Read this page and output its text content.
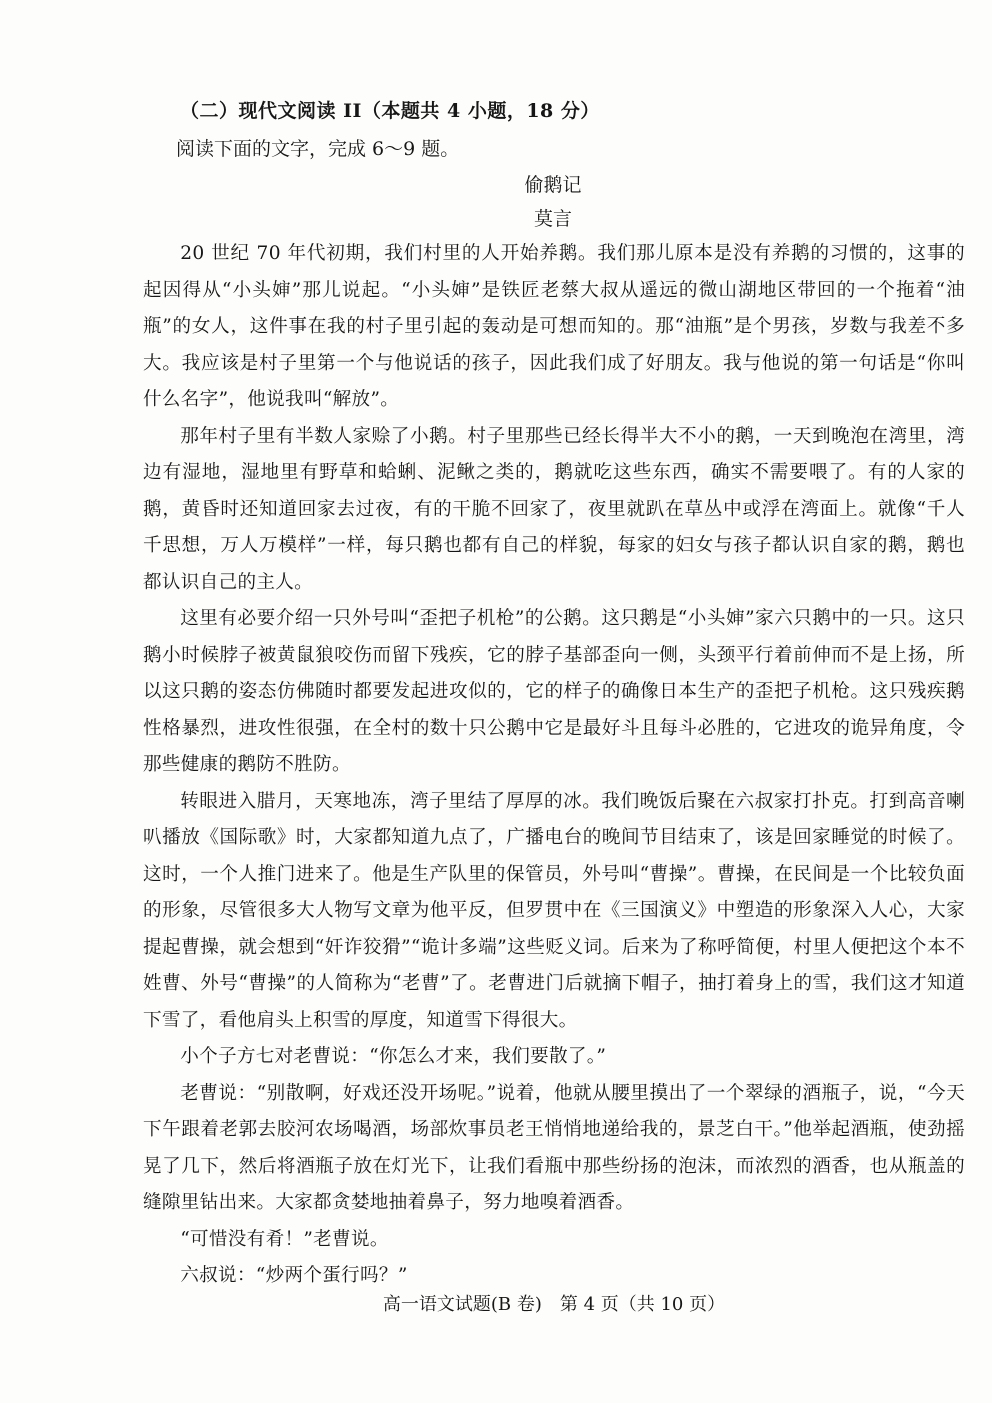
（二）现代文阅读 II（本题共 4 小题，18 分）
阅读下面的文字，完成 6～9 题。
偷鹅记
莫言

20 世纪 70 年代初期，我们村里的人开始养鹅。我们那儿原本是没有养鹅的习惯的，这事的起因得从“小头婶”那儿说起。“小头婶”是铁匠老蔡大叔从遥远的微山湖地区带回的一个拖着“油瓶”的女人，这件事在我的村子里引起的轰动是可想而知的。那“油瓶”是个男孩，岁数与我差不多大。我应该是村子里第一个与他说话的孩子，因此我们成了好朋友。我与他说的第一句话是“你叫什么名字”，他说我叫“解放”。

那年村子里有半数人家赊了小鹅。村子里那些已经长得半大不小的鹅，一天到晚泡在湾里，湾边有湿地，湿地里有野草和蛤蜊、泥鳅之类的，鹅就吃这些东西，确实不需要喂了。有的人家的鹅，黄昏时还知道回家去过夜，有的干脆不回家了，夜里就趴在草丛中或浮在湾面上。就像“千人千思想，万人万模样”一样，每只鹅也都有自己的样貌，每家的妇女与孩子都认识自家的鹅，鹅也都认识自己的主人。

这里有必要介绍一只外号叫“歪把子机枪”的公鹅。这只鹅是“小头婶”家六只鹅中的一只。这只鹅小时候脖子被黄鼠狼咬伤而留下残疾，它的脖子基部歪向一侧，头颈平行着前伸而不是上扬，所以这只鹅的姿态仿佛随时都要发起进攻似的，它的样子的确像日本生产的歪把子机枪。这只残疾鹅性格暴烈，进攻性很强，在全村的数十只公鹅中它是最好斗且每斗必胜的，它进攻的诡异角度，令那些健康的鹅防不胜防。

转眼进入腊月，天寒地冻，湾子里结了厚厚的冰。我们晚饭后聚在六叔家打扑克。打到高音喇叭播放《国际歌》时，大家都知道九点了，广播电台的晚间节目结束了，该是回家睡觉的时候了。这时，一个人推门进来了。他是生产队里的保管员，外号叫“曹操”。曹操，在民间是一个比较负面的形象，尽管很多大人物写文章为他平反，但罗贯中在《三国演义》中塑造的形象深入人心，大家提起曹操，就会想到“奸诈狡猾”“诡计多端”这些贬义词。后来为了称呼简便，村里人便把这个本不姓曹、外号“曹操”的人简称为“老曹”了。老曹进门后就摘下帽子，抽打着身上的雪，我们这才知道下雪了，看他肩头上积雪的厚度，知道雪下得很大。

小个子方七对老曹说：“你怎么才来，我们要散了。”

老曹说：“别散啊，好戏还没开场呢。”说着，他就从腰里摸出了一个翠绿的酒瓶子，说，“今天下午跟着老郭去胶河农场喝酒，场部炊事员老王悄悄地递给我的，景芝白干。”他举起酒瓶，使劲摇晃了几下，然后将酒瓶子放在灯光下，让我们看瓶中那些纷扬的泡沫，而浓烈的酒香，也从瓶盖的缝隙里钻出来。大家都贪婪地抽着鼻子，努力地嗅着酒香。

“可惜没有肴！”老曹说。

六叔说：“炒两个蛋行吗？”

高一语文试题(B 卷)　第 4 页（共 10 页）
